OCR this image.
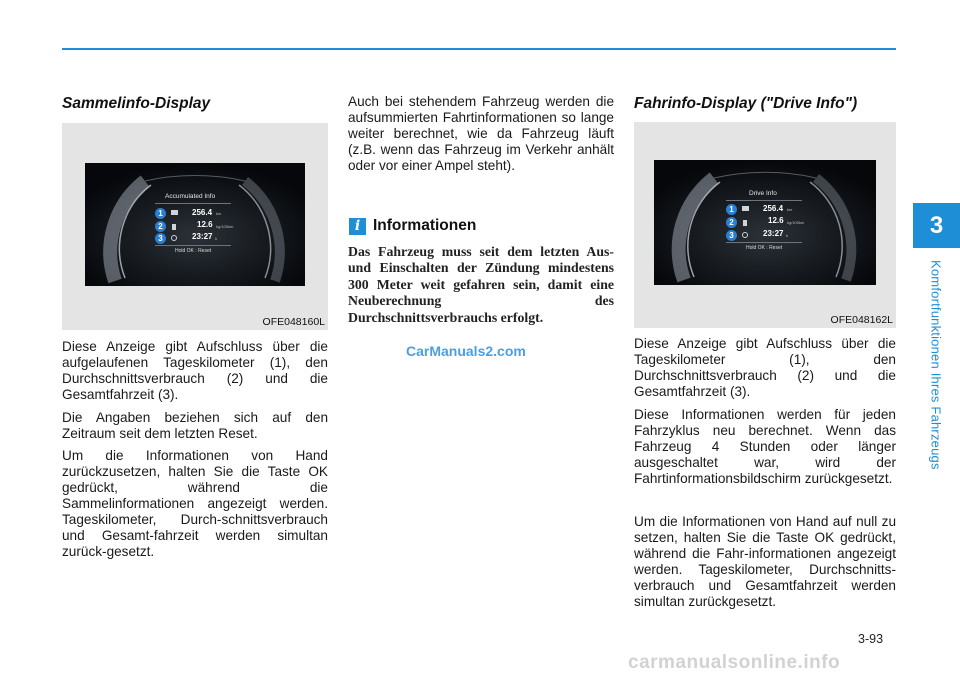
Sammelinfo-Display
Accumulated Info
1	256.4 km
2	12.6 kg/100km
3	23:27 h
Hold OK : Reset
OFE048160L
Diese Anzeige gibt Aufschluss über die aufgelaufenen Tageskilometer (1), den Durchschnittsverbrauch (2) und die Gesamtfahrzeit (3).
Die Angaben beziehen sich auf den Zeitraum seit dem letzten Reset.
Um die Informationen von Hand zurückzusetzen, halten Sie die Taste OK gedrückt, während die Sammelinformationen angezeigt werden. Tageskilometer, Durch-schnittsverbrauch und Gesamt-fahrzeit werden simultan zurück-gesetzt.
Auch bei stehendem Fahrzeug werden die aufsummierten Fahrtinformationen so lange weiter berechnet, wie da Fahrzeug läuft (z.B. wenn das Fahrzeug im Verkehr anhält oder vor einer Ampel steht).
i Informationen
Das Fahrzeug muss seit dem letzten Aus- und Einschalten der Zündung mindestens 300 Meter weit gefahren sein, damit eine Neuberechnung des Durchschnittsverbrauchs erfolgt.
CarManuals2.com
Fahrinfo-Display ("Drive Info")
Drive Info
1	256.4 km
2	12.6 kg/100km
3	23:27 h
Hold OK : Reset
OFE048162L
Diese Anzeige gibt Aufschluss über die Tageskilometer (1), den Durchschnittsverbrauch (2) und die Gesamtfahrzeit (3).
Diese Informationen werden für jeden Fahrzyklus neu berechnet. Wenn das Fahrzeug 4 Stunden oder länger ausgeschaltet war, wird der Fahrtinformationsbildschirm zurückgesetzt.
Um die Informationen von Hand auf null zu setzen, halten Sie die Taste OK gedrückt, während die Fahr-informationen angezeigt werden. Tageskilometer, Durchschnitts-verbrauch und Gesamtfahrzeit werden simultan zurückgesetzt.
3
Komfortfunktionen Ihres Fahrzeugs
3-93
carmanualsonline.info
